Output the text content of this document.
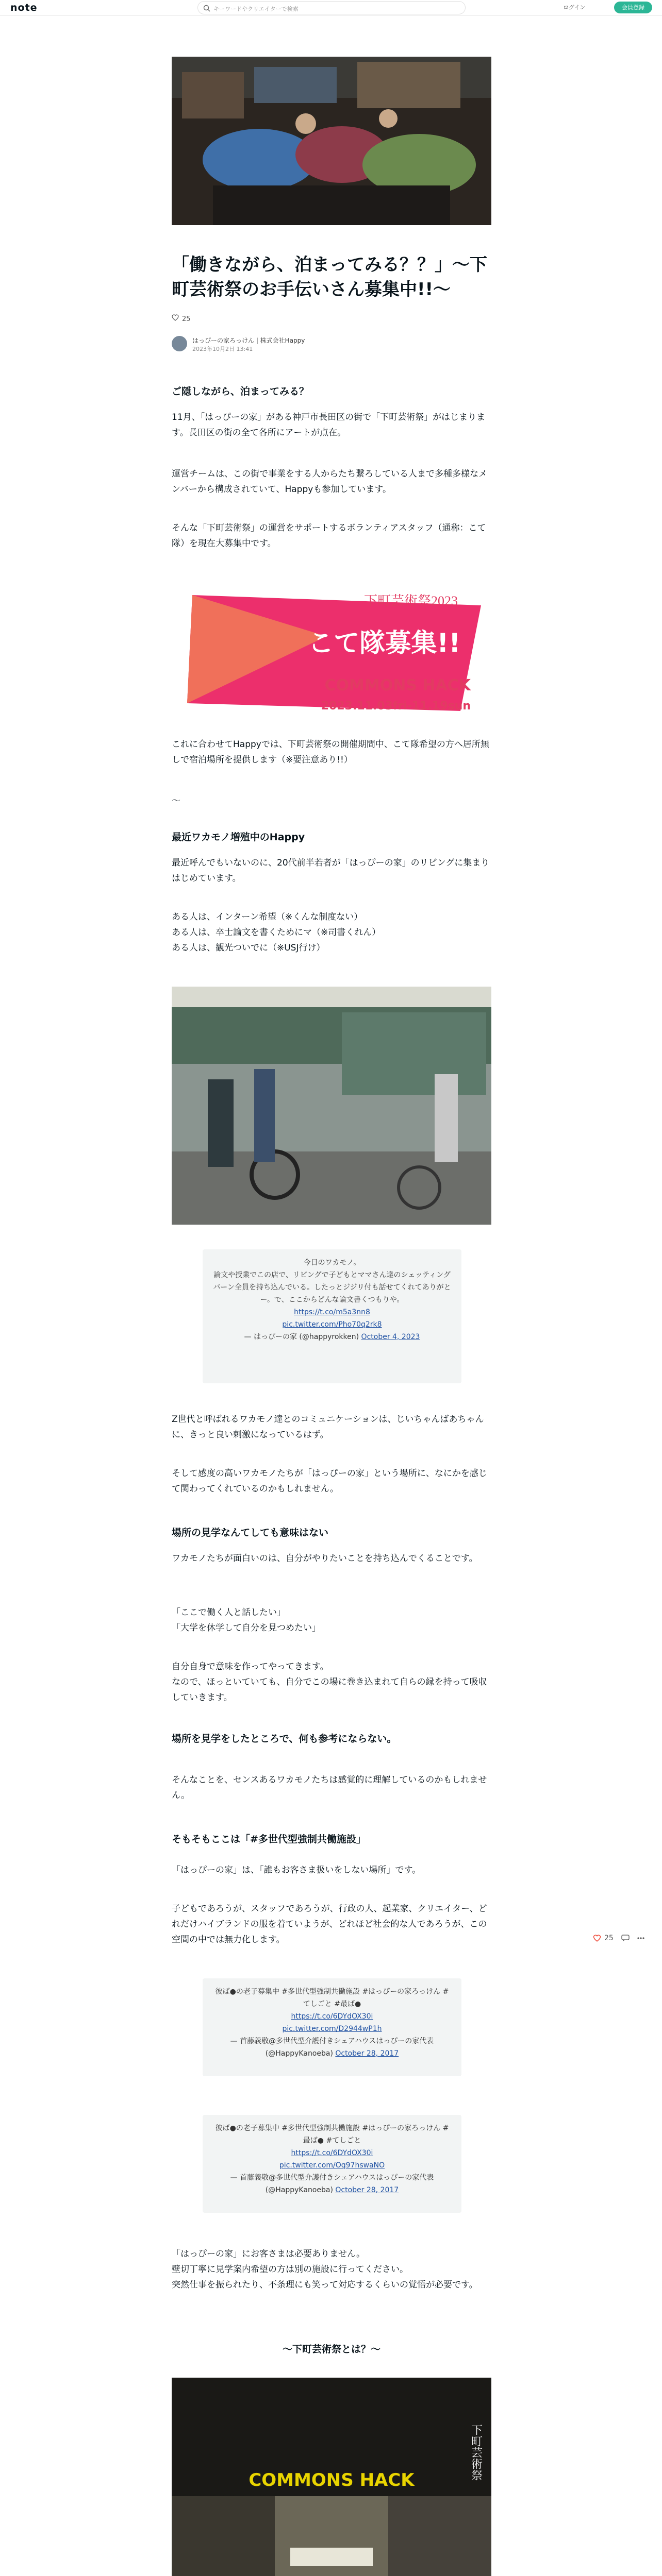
note	キーワードやクリエイターで検索	ログイン	会員登録
「働きながら、泊まってみる？？」〜下町芸術祭のお手伝いさん募集中!!〜
25
はっぴーの家ろっけん | 株式会社Happy
2023年10月2日 13:41
ご隠しながら、泊まってみる？

11月、「はっぴーの家」がある神戸市長田区の街で「下町芸術祭」がはじまります。長田区の街の全て各所にアートが点在。

運営チームは、この街で事業をする人からたち繋ろしている人まで多種多様なメンバーから構成されていて、Happyも参加しています。

そんな「下町芸術祭」の運営をサポートするボランティアスタッフ（通称：こて隊）を現在大募集中です。

下町芸術祭2023
こて隊募集!!
COMMONS HACK
2023.11.03fri-11.19sun

これに合わせてHappyでは、下町芸術祭の開催期間中、こて隊希望の方へ居所無しで宿泊場所を提供します（※要注意あり!!）

〜

最近ワカモノ増殖中のHappy

最近呼んでもいないのに、20代前半若者が「はっぴーの家」のリビングに集まりはじめています。

ある人は、インターン希望（※くんな制度ない）
ある人は、卒士論文を書くためにマ（※司書くれん）
ある人は、観光ついでに（※USJ行け）

今日のワカモノ。
論文や授業でこの店で、リビングで子どもとママさん達のシェッティングバーン全員を持ち込んでいる。したっとジジリ付も話せてくれてありがとー。で、ここからどんな論文書くつもりや。
https://t.co/m5a3nn8
pic.twitter.com/Pho70q2rk8
— はっぴーの家 (@happyrokken) October 4, 2023

Z世代と呼ばれるワカモノ達とのコミュニケーションは、じいちゃんばあちゃんに、きっと良い刺激になっているはず。

そして感度の高いワカモノたちが「はっぴーの家」という場所に、なにかを感じて関わってくれているのかもしれません。

場所の見学なんてしても意味はない

ワカモノたちが面白いのは、自分がやりたいことを持ち込んでくることです。

「ここで働く人と話したい」
「大学を休学して自分を見つめたい」

自分自身で意味を作ってやってきます。
なので、ほっといていても、自分でこの場に巻き込まれて自らの縁を持って吸収していきます。

場所を見学をしたところで、何も参考にならない。

そんなことを、センスあるワカモノたちは感覚的に理解しているのかもしれません。

そもそもここは「#多世代型強制共働施設」

「はっぴーの家」は、「誰もお客さま扱いをしない場所」です。

子どもであろうが、スタッフであろうが、行政の人、起業家、クリエイター、どれだけハイブランドの服を着ていようが、どれほど社会的な人であろうが、この空間の中では無力化します。

彼ば●の老子募集中 #多世代型強制共働施設 #はっぴーの家ろっけん #てしごと #最ば●
https://t.co/6DYdOX30i
pic.twitter.com/D2944wP1h
— 首藤義敬@多世代型介護付きシェアハウスはっぴーの家代表 (@HappyKanoeba) October 28, 2017
彼ば●の老子募集中 #多世代型強制共働施設 #はっぴーの家ろっけん #最ば● #てしごと
https://t.co/6DYdOX30i
pic.twitter.com/Oq97hswaNO
— 首藤義敬@多世代型介護付きシェアハウスはっぴーの家代表 (@HappyKanoeba) October 28, 2017

「はっぴーの家」にお客さまは必要ありません。
壁切丁寧に見学案内希望の方は別の施設に行ってください。
突然仕事を振られたり、不条理にも笑って対応するくらいの覚悟が必要です。

〜下町芸術祭とは？〜
COMMONS HACK	下町芸術祭
25
